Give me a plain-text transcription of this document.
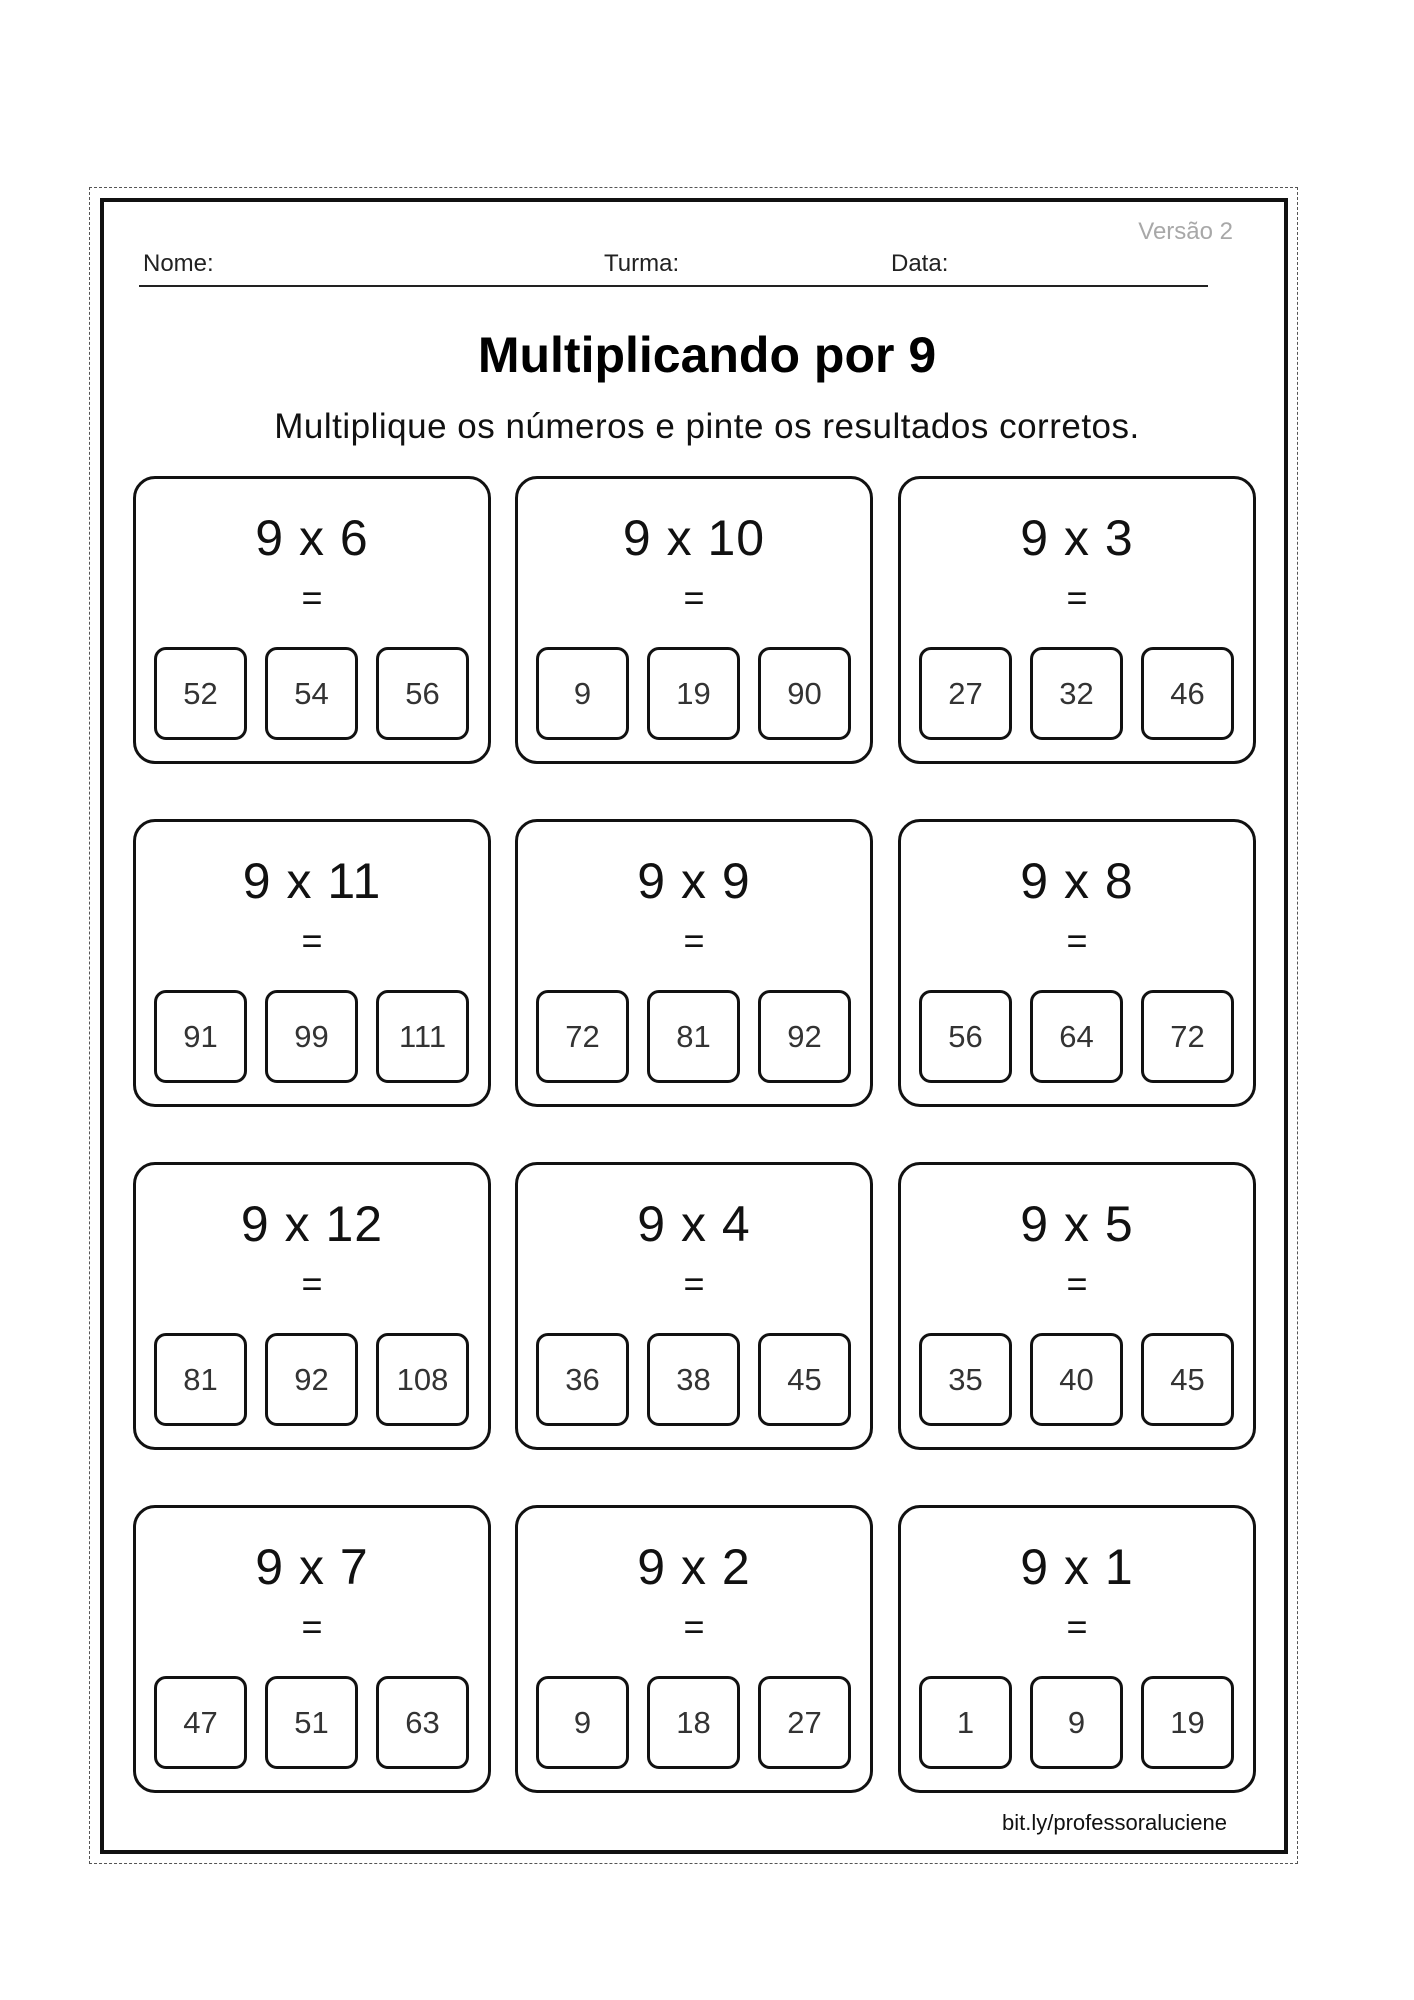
Versão 2
Nome:	Turma:	Data:
Multiplicando por 9
Multiplique os números e pinte os resultados corretos.
9 x 6
=
52	54	56
9 x 10
=
9	19	90
9 x 3
=
27	32	46
9 x 11
=
91	99	111
9 x 9
=
72	81	92
9 x 8
=
56	64	72
9 x 12
=
81	92	108
9 x 4
=
36	38	45
9 x 5
=
35	40	45
9 x 7
=
47	51	63
9 x 2
=
9	18	27
9 x 1
=
1	9	19
bit.ly/professoraluciene
